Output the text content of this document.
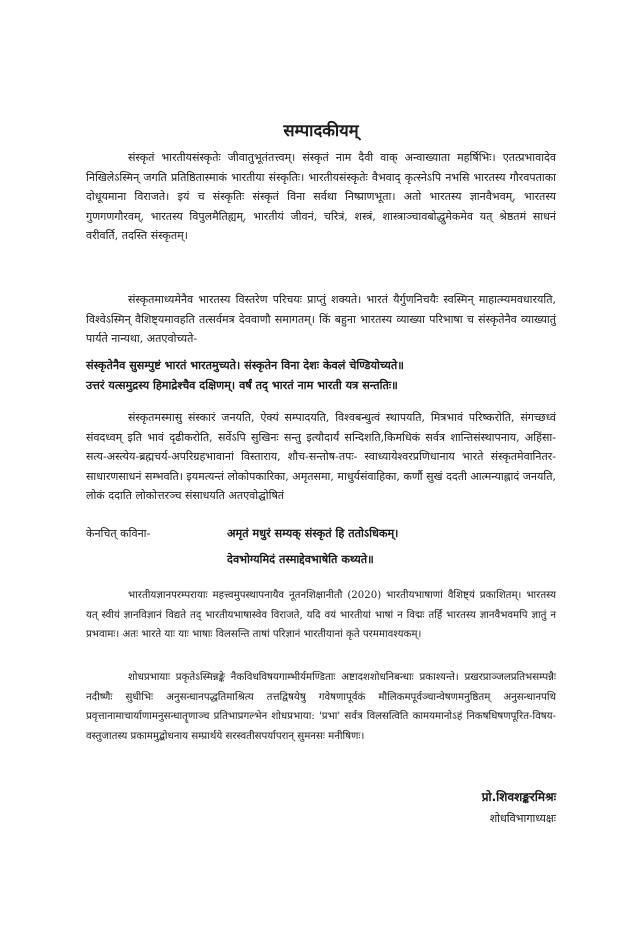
सम्पादकीयम्

संस्कृतं भारतीयसंस्कृतेः जीवातुभूतंतत्त्वम्। संस्कृतं नाम दैवी वाक् अन्वाख्याता महर्षिभिः। एतत्प्रभावादेव निखिलेऽस्मिन् जगति प्रतिष्ठितास्माकं भारतीया संस्कृतिः। भारतीयसंस्कृतेः वैभवाद् कृत्स्नेऽपि नभसि भारतस्य गौरवपताका दोधूयमाना विराजते। इयं च संस्कृतिः संस्कृतं विना सर्वथा निष्प्राणभूता। अतो भारतस्य ज्ञानवैभवम्, भारतस्य गुणगणगौरवम्, भारतस्य विपुलमैतिह्यम्, भारतीयं जीवनं, चरित्रं, शस्त्रं, शास्त्राञ्चावबोद्धुमेकमेव यत् श्रेष्ठतमं साधनं वरीवर्ति, तदस्ति संस्कृतम्।

संस्कृतमाध्यमेनैव भारतस्य विस्तरेण परिचयः प्राप्तुं शक्यते। भारतं यैर्गुणनिचयैः स्वस्मिन् माहात्म्यमवधारयति, विश्वेऽस्मिन् वैशिष्ट्यमावहति तत्सर्वमत्र देववाणौ समागतम्। किं बहुना भारतस्य व्याख्या परिभाषा च संस्कृतेनैव व्याख्यातुं पार्यते नान्यथा, अतएवोच्यते-

संस्कृतेनैव सुसम्पुष्टं भारतं भारतमुच्यते। संस्कृतेन विना देशः केवलं चेण्डियोच्यते॥
उत्तरं यत्समुद्रस्य हिमाद्रेश्चैव दक्षिणम्। वर्षं तद् भारतं नाम भारती यत्र सन्ततिः॥

संस्कृतमस्मासु संस्कारं जनयति, ऐक्यं सम्पादयति, विश्वबन्धुत्वं स्थापयति, मित्रभावं परिष्करोति, संगच्छध्वं संवदध्वम् इति भावं दृढीकरोति, सर्वेऽपि सुखिनः सन्तु इत्यौदार्यं सन्दिशति,किमधिकं सर्वत्र शान्तिसंस्थापनाय, अहिंसा-सत्य-अस्त्येय-ब्रह्मचर्य-अपरिग्रहभावानां विस्ताराय, शौच-सन्तोष-तपः- स्वाध्यायेश्वरप्रणिधानाय भारते संस्कृतमेवानितर-साधारणसाधनं सम्भवति। इयमत्यन्तं लोकोपकारिका, अमृतसमा, माधुर्यसंवाहिका, कर्णौ सुखं ददती आत्मन्याह्लादं जनयति, लोकं ददाति लोकोत्तरञ्च संसाधयति अतएवोद्घोषितं

केनचित् कविना-	अमृतं मधुरं सम्यक् संस्कृतं हि ततोऽधिकम्।
देवभोग्यमिदं तस्माद्देवभाषेति कथ्यते॥

भारतीयज्ञानपरम्परायाः महत्त्वमुपस्थापनायैव नूतनशिक्षानीतौ (2020) भारतीयभाषाणां वैशिष्ट्यं प्रकाशितम्। भारतस्य यत् स्वीयं ज्ञानविज्ञानं विद्यते तद् भारतीयभाषास्वेव विराजते, यदि वयं भारतीयां भाषां न विद्मः तर्हि भारतस्य ज्ञानवैभवमपि ज्ञातुं न प्रभवामः। अतः भारते याः याः भाषाः विलसन्ति ताषां परिज्ञानं भारतीयानां कृते परममावश्यकम्।

शोधप्रभायाः प्रकृतेऽस्मिन्नङ्के नैकविधविषयगाम्भीर्यमण्डिताः अष्टादशशोधनिबन्धाः प्रकाश्यन्ते। प्रखरप्राञ्जलप्रतिभसम्पन्नैः नदीष्णैः सुधीभिः अनुसन्धानपद्धतिमाश्रित्य तत्तद्विषयेषु गवेषणापूर्वकं मौलिकमपूर्वञ्चान्वेषणमनुष्ठितम् अनुसन्धानपथि प्रवृत्तानामाचार्याणामनुसन्धातॄणाञ्च प्रतिभाप्रगल्भेन शोधप्रभाया: 'प्रभा' सर्वत्र विलसत्विति कामयमानोऽहं निकषधिषणपूरित-विषय-वस्तुजातस्य प्रकाममुद्बोधनाय सम्प्रार्थये सरस्वतीसपर्यापरान् सुमनसः मनीषिणः।

प्रो.शिवशङ्करमिश्रः
शोधविभागाध्यक्षः
